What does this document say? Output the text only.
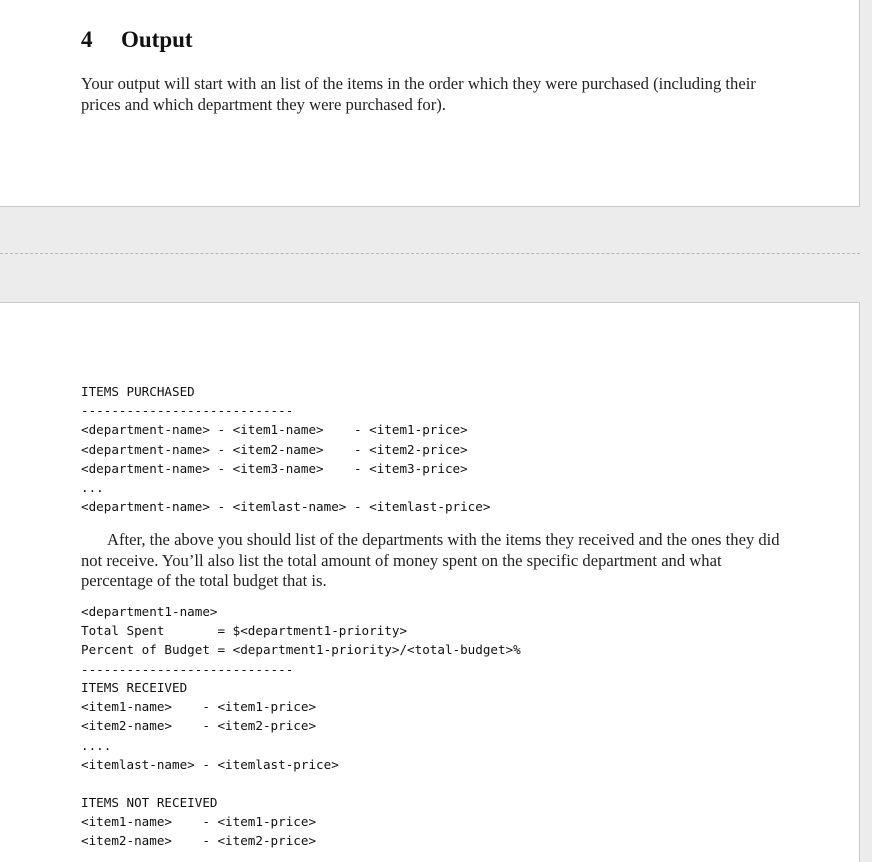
4 Output
Your output will start with an list of the items in the order which they were purchased (including their prices and which department they were purchased for).
ITEMS PURCHASED
----------------------------
<department-name> - <item1-name>    - <item1-price>
<department-name> - <item2-name>    - <item2-price>
<department-name> - <item3-name>    - <item3-price>
...
<department-name> - <itemlast-name> - <itemlast-price>
After, the above you should list of the departments with the items they received and the ones they did not receive. You’ll also list the total amount of money spent on the specific department and what percentage of the total budget that is.
<department1-name>
Total Spent       = $<department1-priority>
Percent of Budget = <department1-priority>/<total-budget>%
----------------------------
ITEMS RECEIVED
<item1-name>    - <item1-price>
<item2-name>    - <item2-price>
....
<itemlast-name> - <itemlast-price>
ITEMS NOT RECEIVED
<item1-name>    - <item1-price>
<item2-name>    - <item2-price>
